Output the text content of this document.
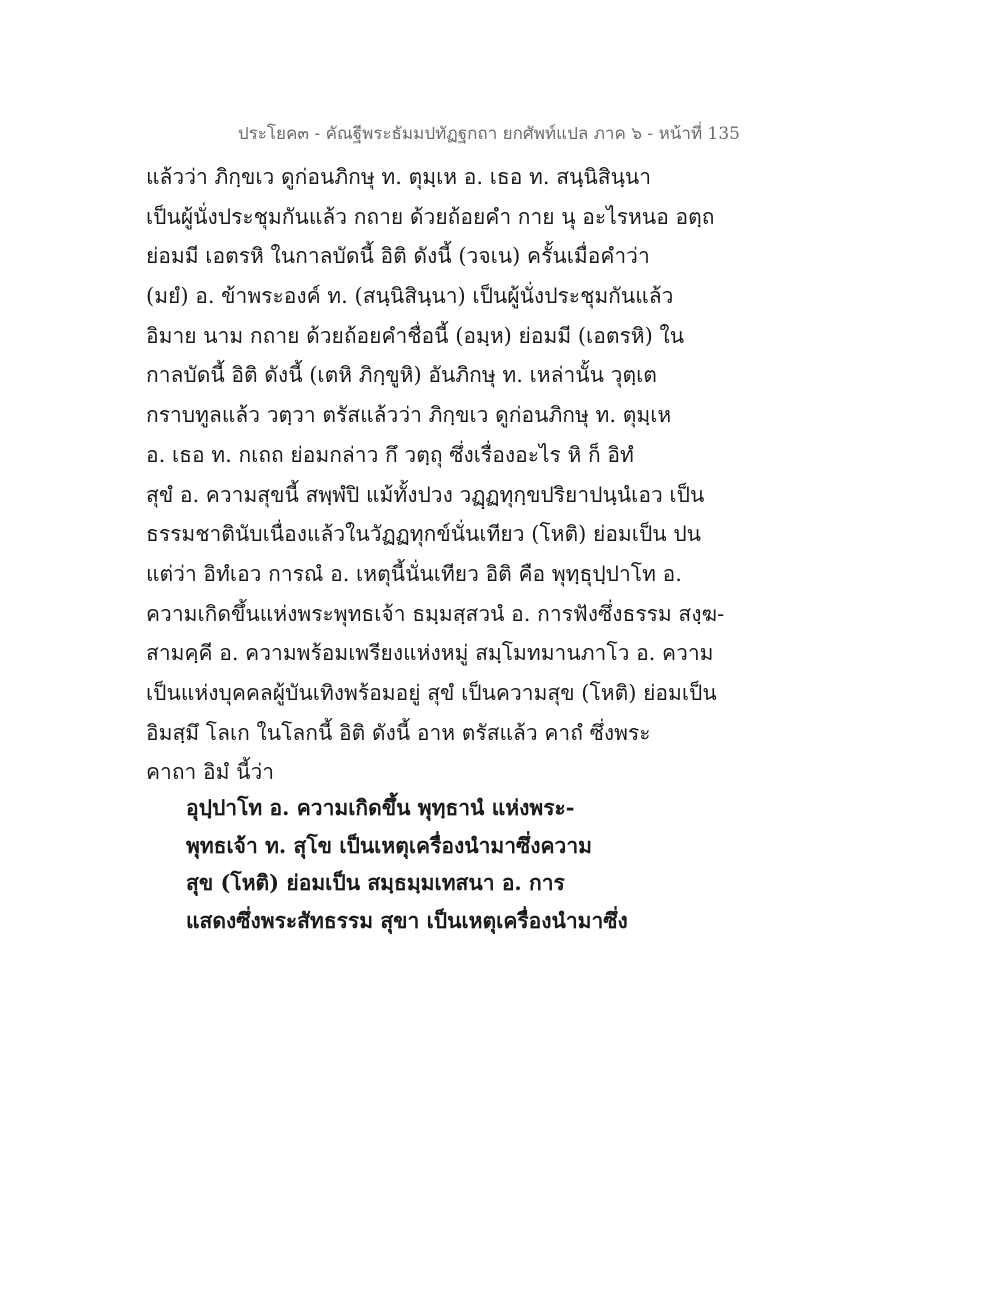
ประโยค๓ - คัณฐีพระธัมมปทัฏฐกถา ยกศัพท์แปล ภาค ๖ - หน้าที่ 135
แล้วว่า ภิกฺขเว ดูก่อนภิกษุ ท. ตุมฺเห อ. เธอ ท. สนฺนิสินฺนา
เป็นผู้นั่งประชุมกันแล้ว กถาย ด้วยถ้อยคำ กาย นุ อะไรหนอ อตฺถ
ย่อมมี เอตรหิ ในกาลบัดนี้ อิติ ดังนี้ (วจเน) ครั้นเมื่อคำว่า
(มยํ) อ. ข้าพระองค์ ท. (สนฺนิสินฺนา) เป็นผู้นั่งประชุมกันแล้ว
อิมาย นาม กถาย ด้วยถ้อยคำชื่อนี้ (อมฺห) ย่อมมี (เอตรหิ) ใน
กาลบัดนี้ อิติ ดังนี้ (เตหิ ภิกฺขูหิ) อันภิกษุ ท. เหล่านั้น วุตฺเต
กราบทูลแล้ว วตฺวา ตรัสแล้วว่า ภิกฺขเว ดูก่อนภิกษุ ท. ตุมฺเห
อ. เธอ ท. กเถถ ย่อมกล่าว กึ วตฺถุ ซึ่งเรื่องอะไร หิ ก็ อิทํ
สุขํ อ. ความสุขนี้ สพฺพํปิ แม้ทั้งปวง วฏฺฏทุกฺขปริยาปนฺนํเอว เป็น
ธรรมชาตินับเนื่องแล้วในวัฏฏทุกข์นั่นเทียว (โหติ) ย่อมเป็น ปน
แต่ว่า อิทํเอว การณํ อ. เหตุนี้นั่นเทียว อิติ คือ พุทฺธุปฺปาโท อ.
ความเกิดขึ้นแห่งพระพุทธเจ้า ธมฺมสฺสวนํ อ. การฟังซึ่งธรรม สงฺฆ-
สามคฺคี อ. ความพร้อมเพรียงแห่งหมู่ สมฺโมทมานภาโว อ. ความ
เป็นแห่งบุคคลผู้บันเทิงพร้อมอยู่ สุขํ เป็นความสุข (โหติ) ย่อมเป็น
อิมสฺมึ โลเก ในโลกนี้ อิติ ดังนี้ อาห ตรัสแล้ว คาถํ ซึ่งพระ
คาถา อิมํ นี้ว่า
อุปฺปาโท อ. ความเกิดขึ้น พุทฺธานํ แห่งพระ-
พุทธเจ้า ท. สุโข เป็นเหตุเครื่องนำมาซึ่งความ
สุข (โหติ) ย่อมเป็น สมฺธมฺมเทสนา อ. การ
แสดงซึ่งพระสัทธรรม สุขา เป็นเหตุเครื่องนำมาซึ่ง
